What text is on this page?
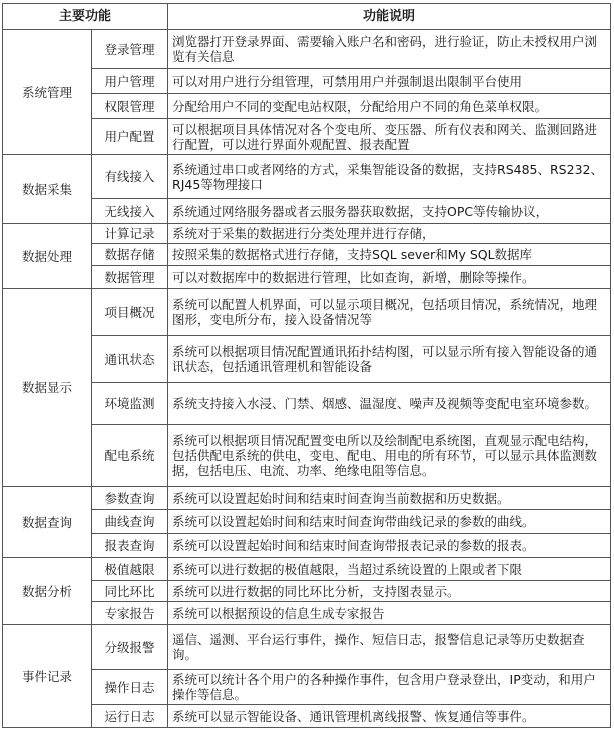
主要功能		功能说明
系统管理	登录管理	浏览器打开登录界面、需要输入账户名和密码，进行验证，防止未授权用户浏览有关信息
	用户管理	可以对用户进行分组管理，可禁用用户并强制退出限制平台使用
	权限管理	分配给用户不同的变配电站权限，分配给用户不同的角色菜单权限。
	用户配置	可以根据项目具体情况对各个变电所、变压器、所有仪表和网关、监测回路进行配置，可以进行界面外观配置、报表配置
数据采集	有线接入	系统通过串口或者网络的方式，采集智能设备的数据，支持RS485、RS232、RJ45等物理接口
	无线接入	系统通过网络服务器或者云服务器获取数据，支持OPC等传输协议，
数据处理	计算记录	系统对于采集的数据进行分类处理并进行存储，
	数据存储	按照采集的数据格式进行存储，支持SQL sever和My SQL数据库
	数据管理	可以对数据库中的数据进行管理，比如查询，新增，删除等操作。
数据显示	项目概况	系统可以配置人机界面，可以显示项目概况，包括项目情况，系统情况，地理图形，变电所分布，接入设备情况等
	通讯状态	系统可以根据项目情况配置通讯拓扑结构图，可以显示所有接入智能设备的通讯状态，包括通讯管理机和智能设备
	环境监测	系统支持接入水浸、门禁、烟感、温湿度、噪声及视频等变配电室环境参数。
	配电系统	系统可以根据项目情况配置变电所以及绘制配电系统图，直观显示配电结构，包括供配电系统的供电，变电、配电、用电的所有环节，可以显示具体监测数据，包括电压、电流、功率、绝缘电阻等信息。
数据查询	参数查询	系统可以设置起始时间和结束时间查询当前数据和历史数据。
	曲线查询	系统可以设置起始时间和结束时间查询带曲线记录的参数的曲线。
	报表查询	系统可以设置起始时间和结束时间查询带报表记录的参数的报表。
数据分析	极值越限	系统可以进行数据的极值越限，当超过系统设置的上限或者下限
	同比环比	系统可以进行数据的同比环比分析，支持图表显示。
	专家报告	系统可以根据预设的信息生成专家报告
事件记录	分级报警	遥信、遥测、平台运行事件，操作、短信日志，报警信息记录等历史数据查询。
	操作日志	系统可以统计各个用户的各种操作事件，包含用户登录登出，IP变动，和用户操作等信息。
	运行日志	系统可以显示智能设备、通讯管理机离线报警、恢复通信等事件。
